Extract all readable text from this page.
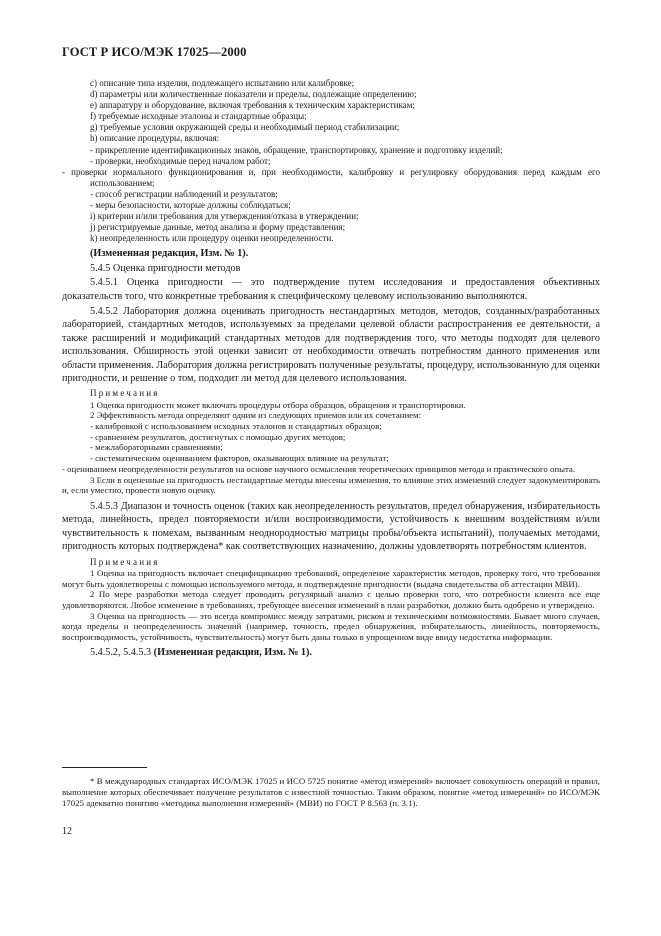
ГОСТ Р ИСО/МЭК 17025—2000
c) описание типа изделия, подлежащего испытанию или калибровке;
d) параметры или количественные показатели и пределы, подлежащие определению;
e) аппаратуру и оборудование, включая требования к техническим характеристикам;
f) требуемые исходные эталоны и стандартные образцы;
g) требуемые условия окружающей среды и необходимый период стабилизации;
h) описание процедуры, включая:
- прикрепление идентификационных знаков, обращение, транспортировку, хранение и подготовку изделий;
- проверки, необходимые перед началом работ;
- проверки нормального функционирования и, при необходимости, калибровку и регулировку оборудования перед каждым его использованием;
- способ регистрации наблюдений и результатов;
- меры безопасности, которые должны соблюдаться;
i) критерии и/или требования для утверждения/отказа в утверждении;
j) регистрируемые данные, метод анализа и форму представления;
k) неопределенность или процедуру оценки неопределенности.
(Измененная редакция, Изм. № 1).
5.4.5 Оценка пригодности методов
5.4.5.1 Оценка пригодности — это подтверждение путем исследования и предоставления объективных доказательств того, что конкретные требования к специфическому целевому использованию выполняются.
5.4.5.2 Лаборатория должна оценивать пригодность нестандартных методов, методов, созданных/разработанных лабораторией, стандартных методов, используемых за пределами целевой области распространения ее деятельности, а также расширений и модификаций стандартных методов для подтверждения того, что методы подходят для целевого использования. Обширность этой оценки зависит от необходимости отвечать потребностям данного применения или области применения. Лаборатория должна регистрировать полученные результаты, процедуру, использованную для оценки пригодности, и решение о том, подходит ли метод для целевого использования.
Примечания
1 Оценка пригодности может включать процедуры отбора образцов, обращения и транспортировки.
2 Эффективность метода определяют одним из следующих приемов или их сочетанием:
- калибровкой с использованием исходных эталонов и стандартных образцов;
- сравнением результатов, достигнутых с помощью других методов;
- межлабораторными сравнениями;
- систематическим оцениванием факторов, оказывающих влияние на результат;
- оцениванием неопределенности результатов на основе научного осмысления теоретических принципов метода и практического опыта.
3 Если в оцененные на пригодность нестандартные методы внесены изменения, то влияние этих изменений следует задокументировать и, если уместно, провести новую оценку.
5.4.5.3 Диапазон и точность оценок (таких как неопределенность результатов, предел обнаружения, избирательность метода, линейность, предел повторяемости и/или воспроизводимости, устойчивость к внешним воздействиям и/или чувствительность к помехам, вызванным неоднородностью матрицы пробы/объекта испытаний), получаемых методами, пригодность которых подтверждена* как соответствующих назначению, должны удовлетворять потребностям клиентов.
Примечания
1 Оценка на пригодность включает специфицикацию требований, определение характеристик методов, проверку того, что требования могут быть удовлетворены с помощью используемого метода, и подтверждение пригодности (выдача свидетельства об аттестации МВИ).
2 По мере разработки метода следует проводить регулярный анализ с целью проверки того, что потребности клиента все еще удовлетворяются. Любое изменение в требованиях, требующее внесения изменений в план разработки, должно быть одобрено и утверждено.
3 Оценка на пригодность — это всегда компромисс между затратами, риском и техническими возможностями. Бывает много случаев, когда пределы и неопределенность значений (например, точность, предел обнаружения, избирательность, линейность, повторяемость, воспроизводимость, устойчивость, чувствительность) могут быть даны только в упрощенном виде ввиду недостатка информации.
5.4.5.2, 5.4.5.3 (Измененная редакция, Изм. № 1).
* В международных стандартах ИСО/МЭК 17025 и ИСО 5725 понятие «метод измерений» включает совокупность операций и правил, выполнение которых обеспечивает получение результатов с известной точностью. Таким образом, понятие «метод измерений» по ИСО/МЭК 17025 адекватно понятию «методика выполнения измерений» (МВИ) по ГОСТ Р 8.563 (п. 3.1).
12
